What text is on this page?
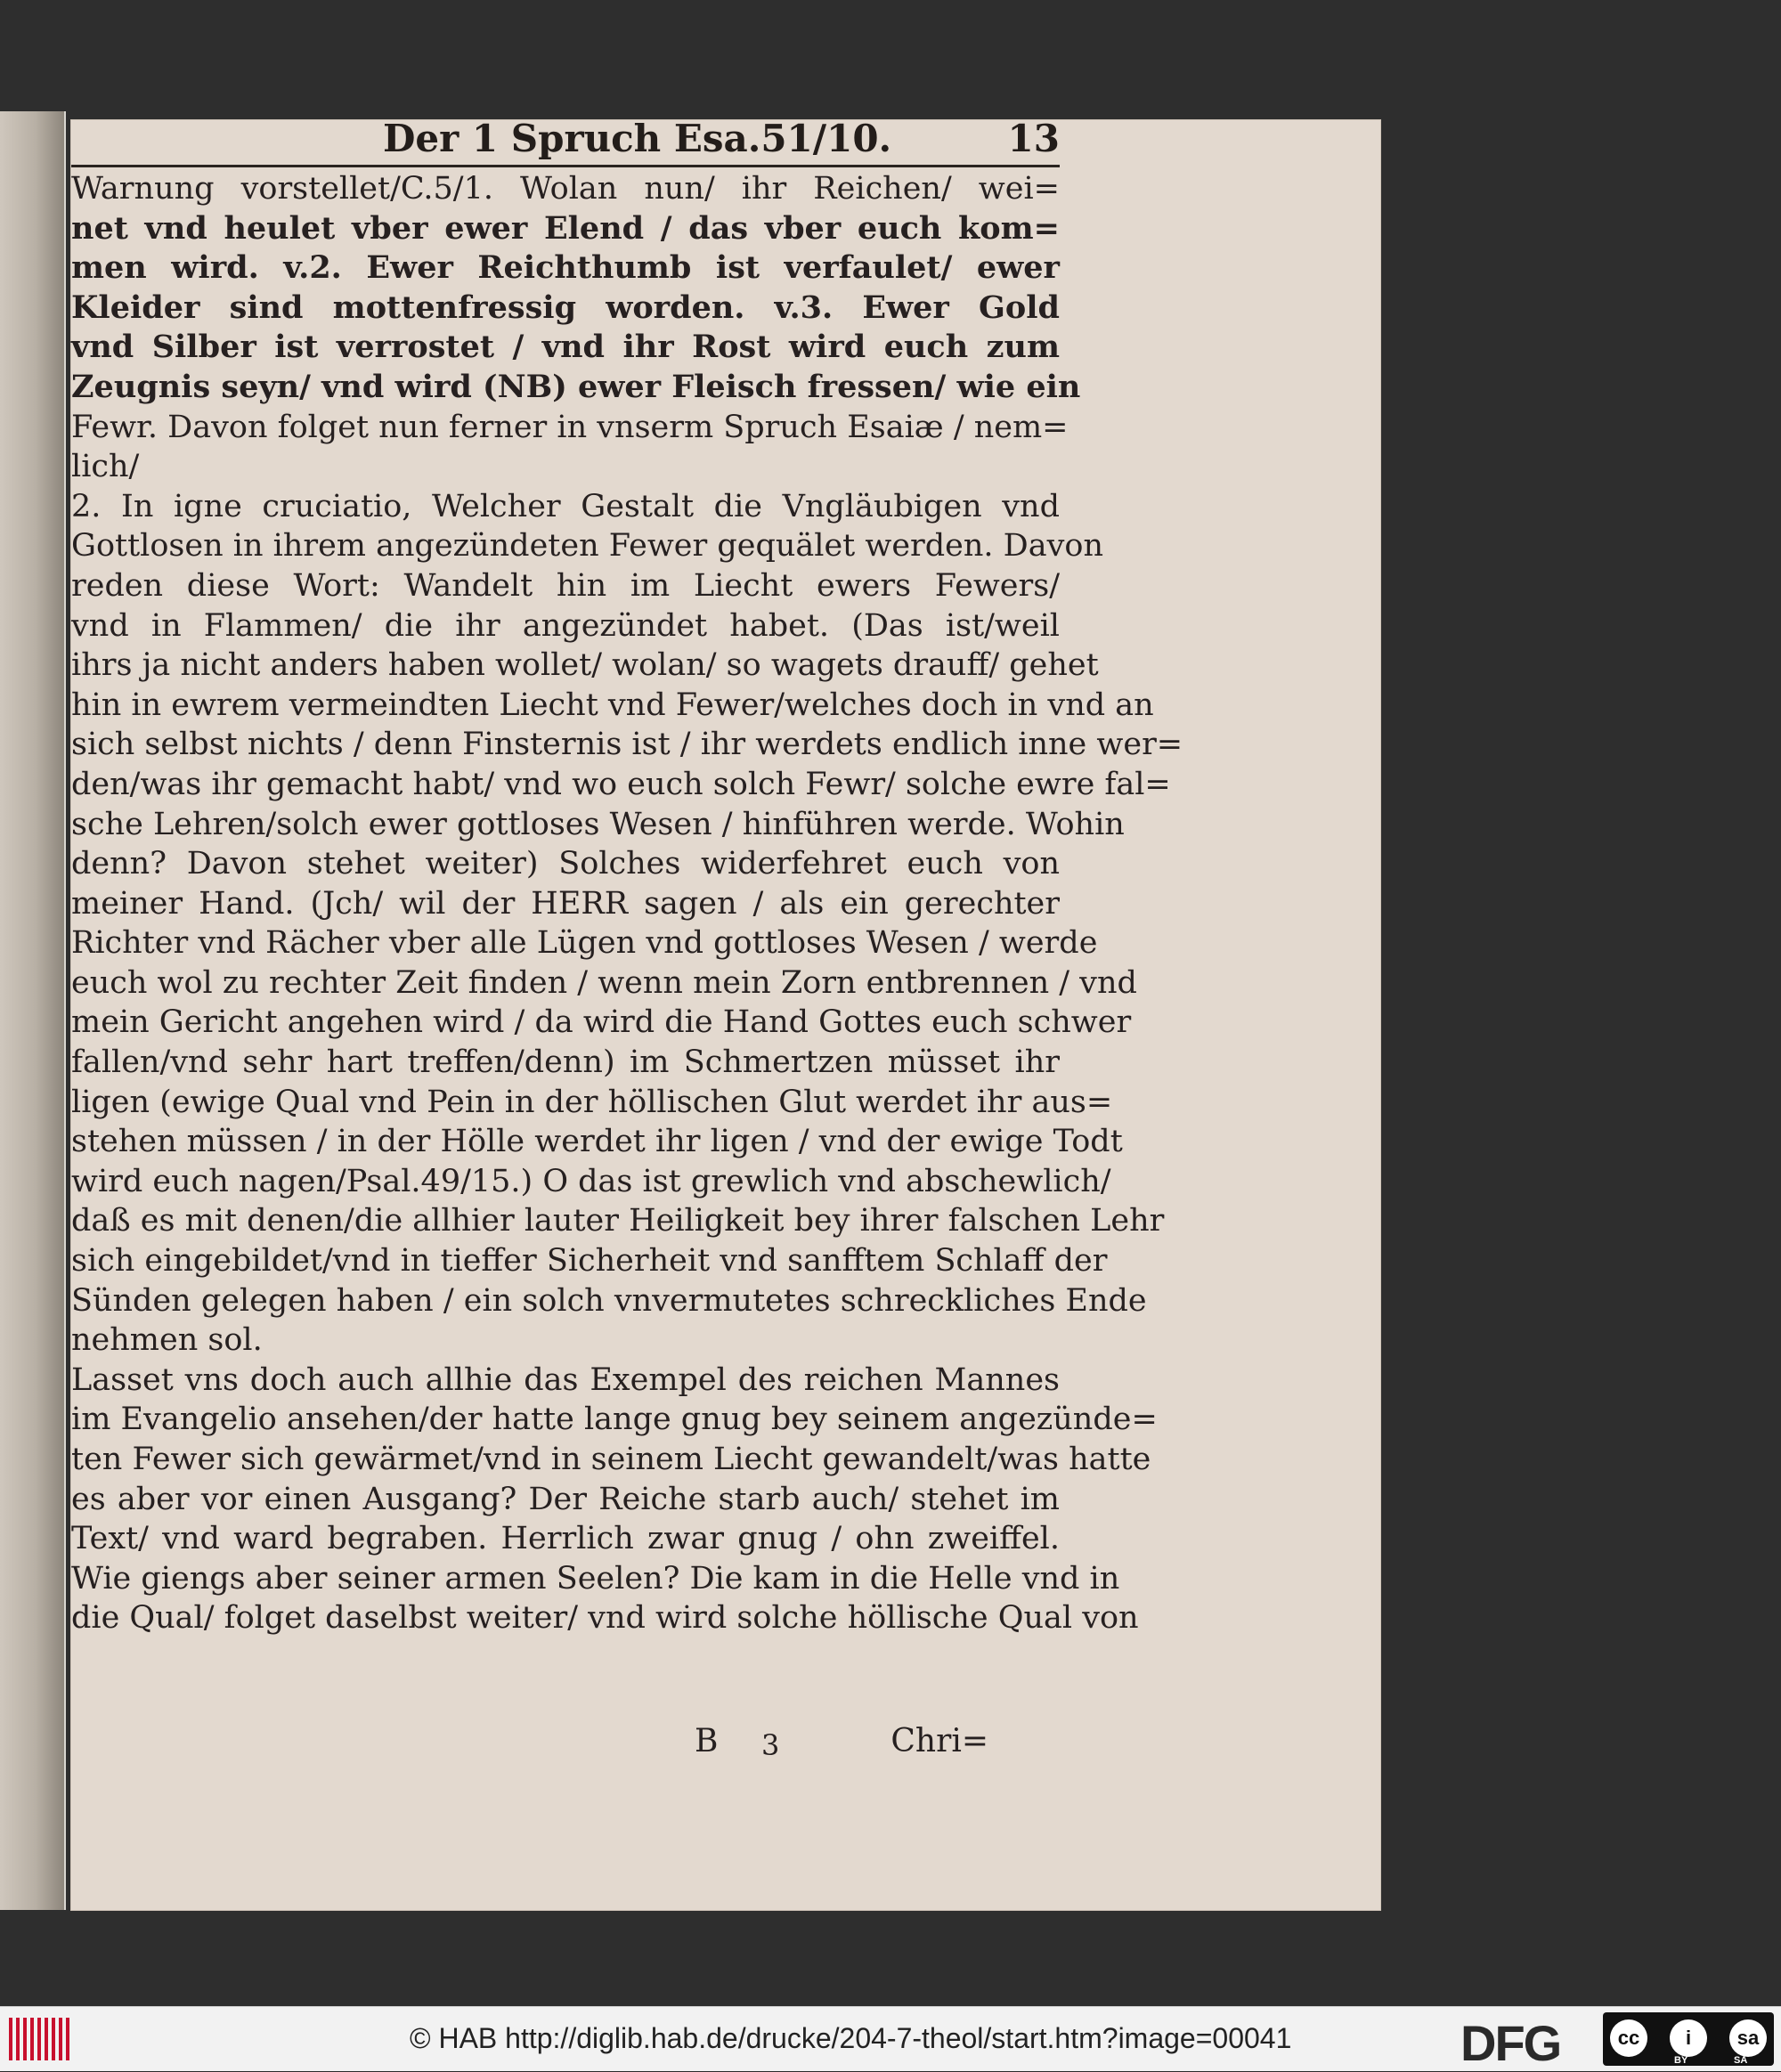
Der 1 Spruch Esa.51/10.	13
Warnung vorstellet/C.5/1. Wolan nun/ ihr Reichen/ wei=
net vnd heulet vber ewer Elend / das vber euch kom=
men wird. v.2. Ewer Reichthumb ist verfaulet/ ewer
Kleider sind mottenfressig worden. v.3. Ewer Gold
vnd Silber ist verrostet / vnd ihr Rost wird euch zum
Zeugnis seyn/ vnd wird (NB) ewer Fleisch fressen/ wie ein
Fewr. Davon folget nun ferner in vnserm Spruch Esaiæ / nem=
lich/
2. In igne cruciatio, Welcher Gestalt die Vngläubigen vnd
Gottlosen in ihrem angezündeten Fewer gequälet werden. Davon
reden diese Wort: Wandelt hin im Liecht ewers Fewers/
vnd in Flammen/ die ihr angezündet habet. (Das ist/weil
ihrs ja nicht anders haben wollet/ wolan/ so wagets drauff/ gehet
hin in ewrem vermeindten Liecht vnd Fewer/welches doch in vnd an
sich selbst nichts / denn Finsternis ist / ihr werdets endlich inne wer=
den/was ihr gemacht habt/ vnd wo euch solch Fewr/ solche ewre fal=
sche Lehren/solch ewer gottloses Wesen / hinführen werde. Wohin
denn? Davon stehet weiter) Solches widerfehret euch von
meiner Hand. (Jch/ wil der HERR sagen / als ein gerechter
Richter vnd Rächer vber alle Lügen vnd gottloses Wesen / werde
euch wol zu rechter Zeit finden / wenn mein Zorn entbrennen / vnd
mein Gericht angehen wird / da wird die Hand Gottes euch schwer
fallen/vnd sehr hart treffen/denn) im Schmertzen müsset ihr
ligen (ewige Qual vnd Pein in der höllischen Glut werdet ihr aus=
stehen müssen / in der Hölle werdet ihr ligen / vnd der ewige Todt
wird euch nagen/Psal.49/15.) O das ist grewlich vnd abschewlich/
daß es mit denen/die allhier lauter Heiligkeit bey ihrer falschen Lehr
sich eingebildet/vnd in tieffer Sicherheit vnd sanfftem Schlaff der
Sünden gelegen haben / ein solch vnvermutetes schreckliches Ende
nehmen sol.
Lasset vns doch auch allhie das Exempel des reichen Mannes
im Evangelio ansehen/der hatte lange gnug bey seinem angezünde=
ten Fewer sich gewärmet/vnd in seinem Liecht gewandelt/was hatte
es aber vor einen Ausgang? Der Reiche starb auch/ stehet im
Text/ vnd ward begraben. Herrlich zwar gnug / ohn zweiffel.
Wie giengs aber seiner armen Seelen? Die kam in die Helle vnd in
die Qual/ folget daselbst weiter/ vnd wird solche höllische Qual von
B 3	Chri=
© HAB http://diglib.hab.de/drucke/204-7-theol/start.htm?image=00041	DFG	cc	i	sa
BY	SA
